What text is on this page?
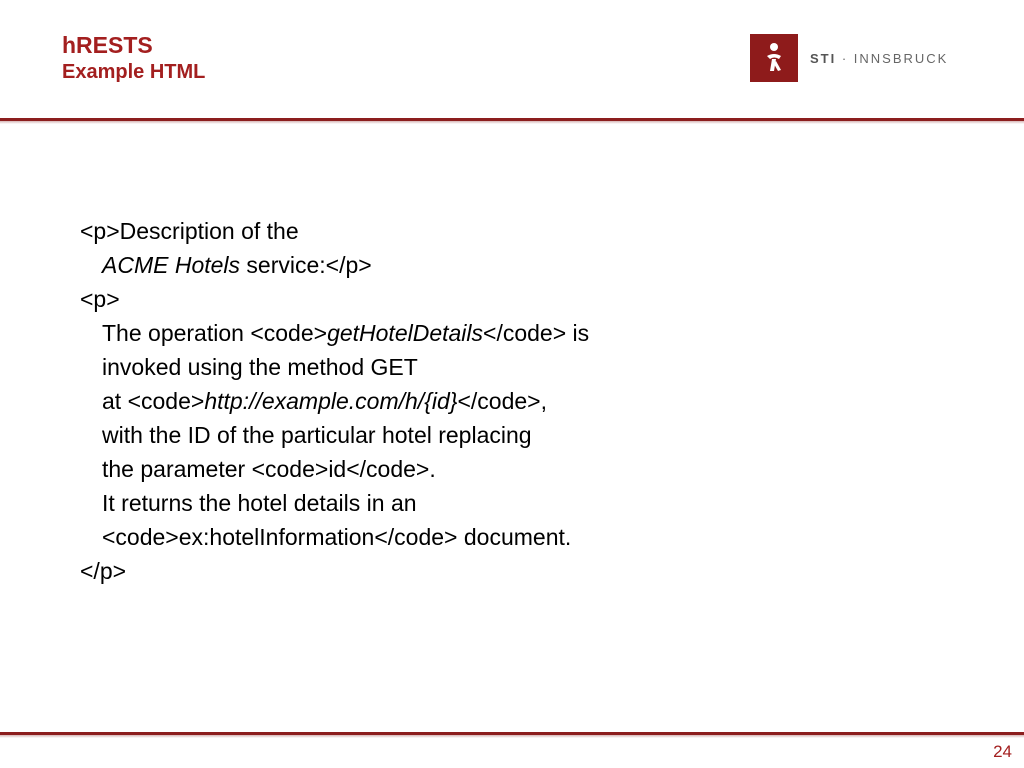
hRESTS
Example HTML
STI · INNSBRUCK
<p>Description of the
ACME Hotels service:</p>
<p>
The operation <code>getHotelDetails</code> is
invoked using the method GET
at <code>http://example.com/h/{id}</code>,
with the ID of the particular hotel replacing
the parameter <code>id</code>.
It returns the hotel details in an
<code>ex:hotelInformation</code> document.
</p>
24
